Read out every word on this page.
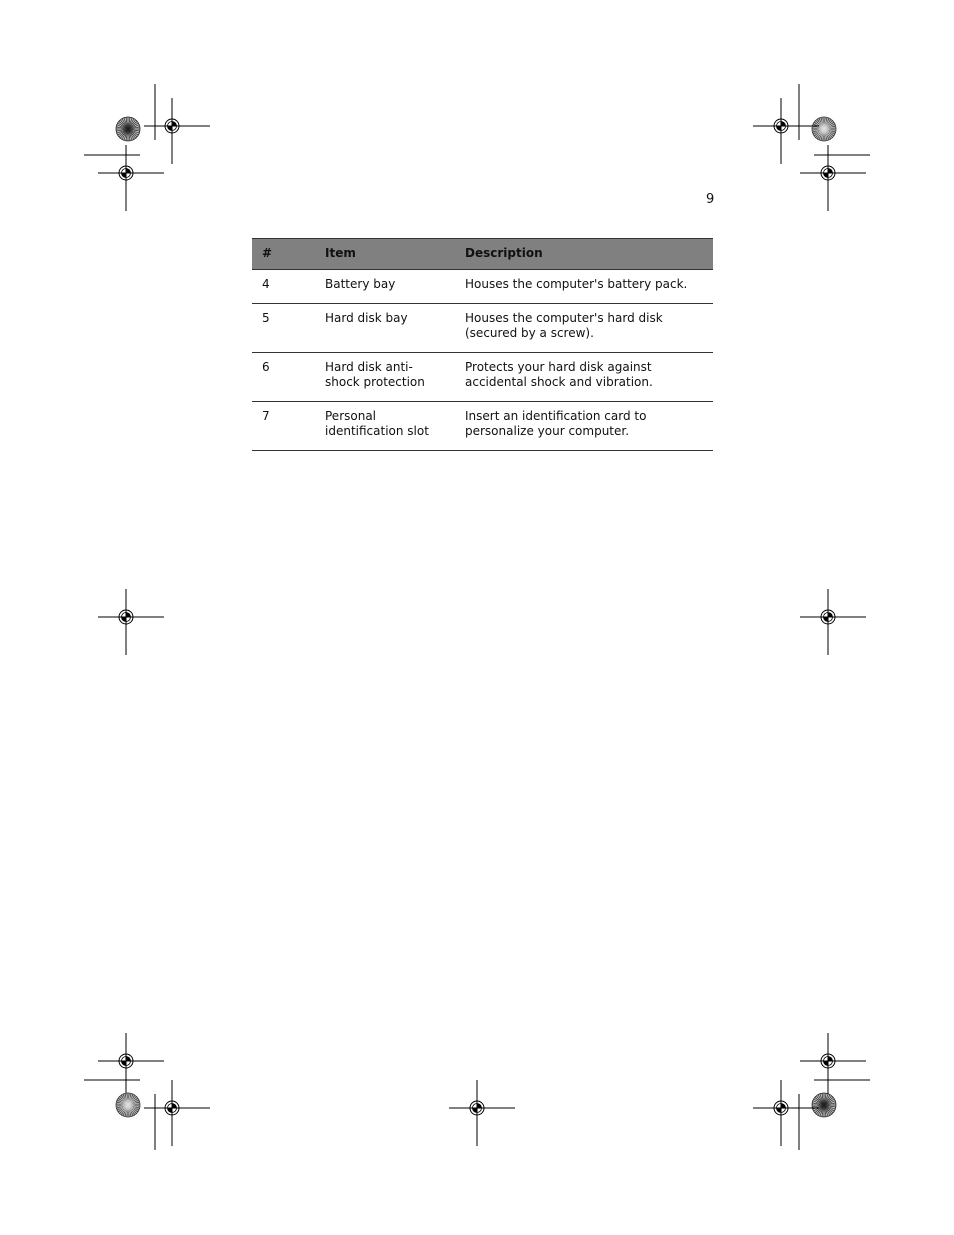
9
#	Item	Description
4	Battery bay	Houses the computer's battery pack.
5	Hard disk bay	Houses the computer's hard disk (secured by a screw).
6	Hard disk anti-shock protection	Protects your hard disk against accidental shock and vibration.
7	Personal identification slot	Insert an identification card to personalize your computer.
